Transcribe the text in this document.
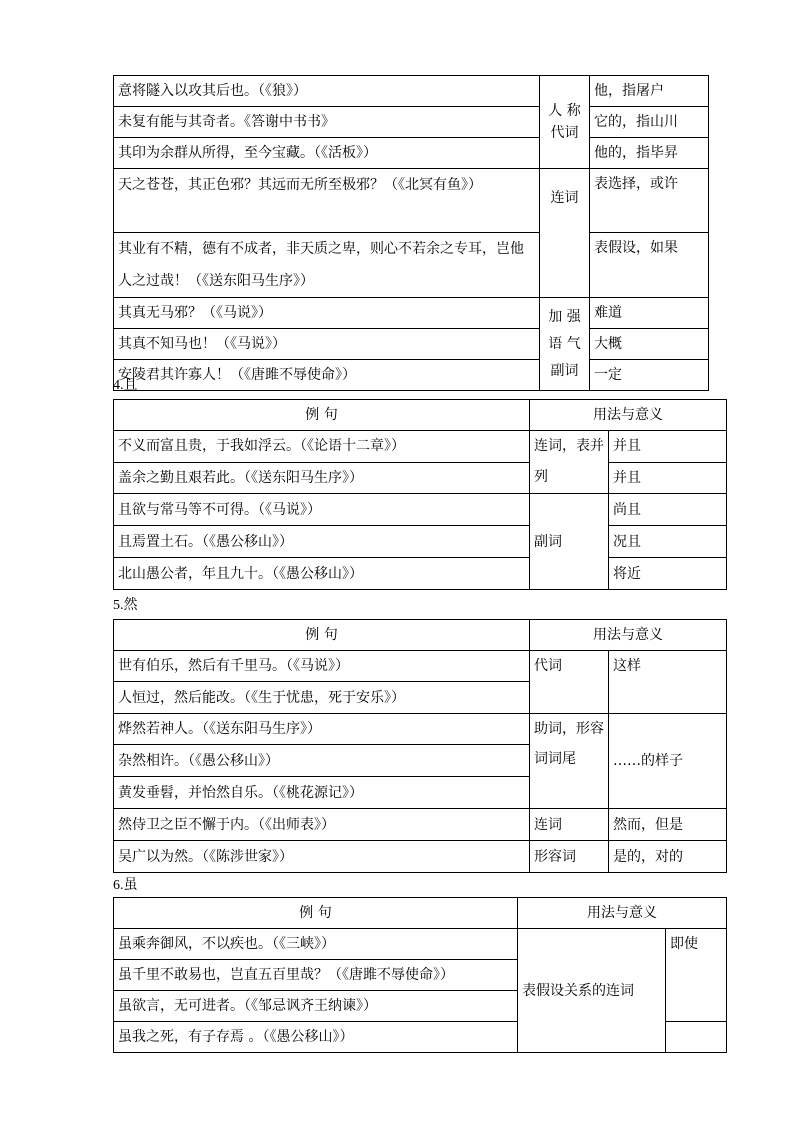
意将隧入以攻其后也。（《狼》）	人 称代词	他，指屠户
未复有能与其奇者。《答谢中书书》		它的，指山川
其印为余群从所得，至今宝藏。（《活板》）		他的，指毕昇
天之苍苍，其正色邪？其远而无所至极邪？（《北冥有鱼》）	连词	表选择，或许
其业有不精，德有不成者，非天质之卑，则心不若余之专耳，岂他人之过哉！（《送东阳马生序》）		表假设，如果
其真无马邪？（《马说》）	加 强语 气副词	难道
其真不知马也！（《马说》）		大概
安陵君其许寡人！（《唐雎不辱使命》）		一定
4.且
例 句	用法与意义	
不义而富且贵，于我如浮云。（《论语十二章》）	连词，表并列	并且
盖余之勤且艰若此。（《送东阳马生序》）		并且
且欲与常马等不可得。（《马说》）	副词	尚且
且焉置土石。（《愚公移山》）		况且
北山愚公者，年且九十。（《愚公移山》）		将近
5.然
例 句	用法与意义	
世有伯乐，然后有千里马。（《马说》）	代词	这样
人恒过，然后能改。（《生于忧患，死于安乐》）		
烨然若神人。（《送东阳马生序》）	助词，形容词词尾	……的样子
杂然相许。（《愚公移山》）		
黄发垂髫，并怡然自乐。（《桃花源记》）		
然侍卫之臣不懈于内。（《出师表》）	连词	然而，但是
吴广以为然。（《陈涉世家》）	形容词	是的，对的
6.虽
例 句	用法与意义	
虽乘奔御风，不以疾也。（《三峡》）	表假设关系的连词	即使
虽千里不敢易也，岂直五百里哉？（《唐雎不辱使命》）		
虽欲言，无可进者。（《邹忌讽齐王纳谏》）		
虽我之死，有子存焉 。（《愚公移山》）		
